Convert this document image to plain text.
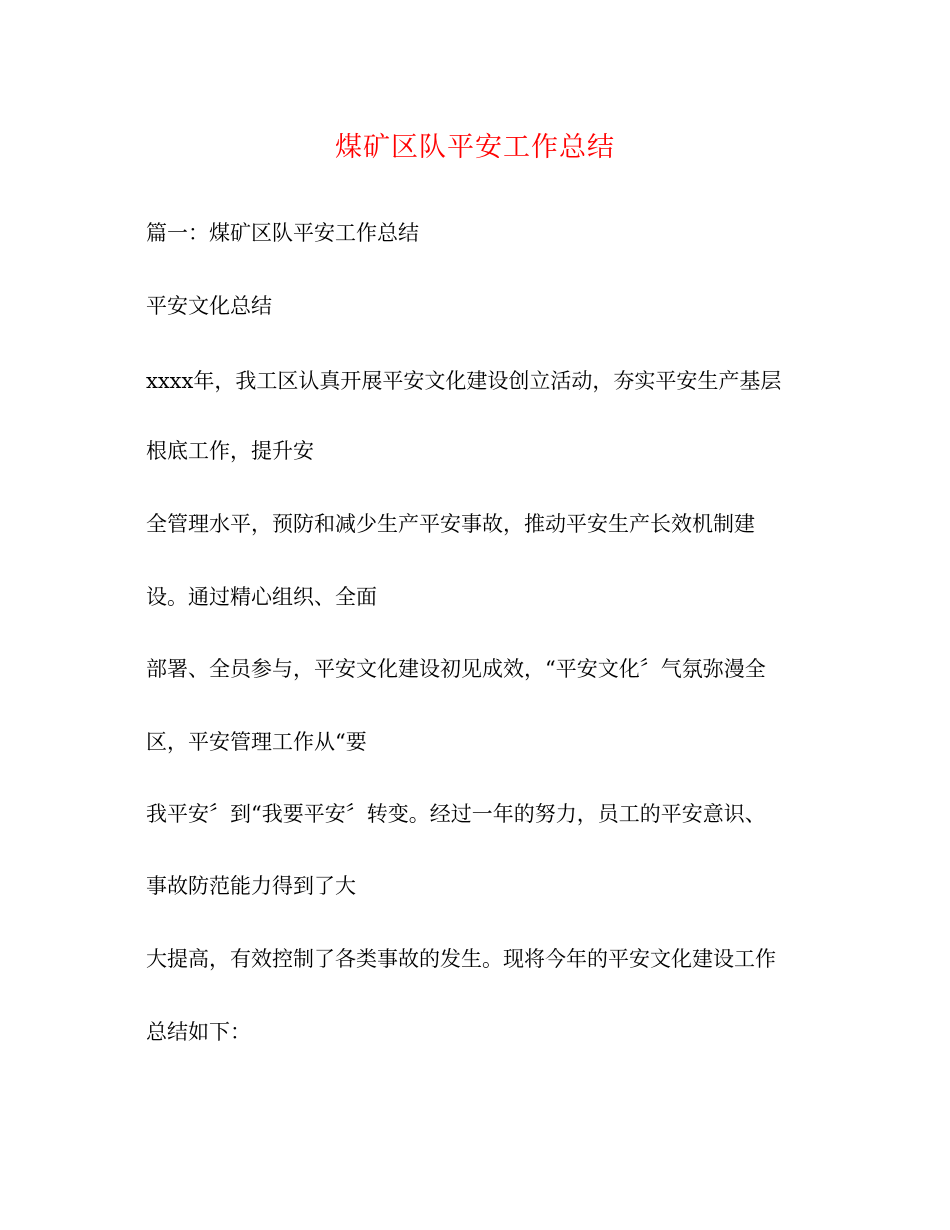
煤矿区队平安工作总结
篇一：煤矿区队平安工作总结
平安文化总结
xxxx年，我工区认真开展平安文化建设创立活动，夯实平安生产基层
根底工作，提升安
全管理水平，预防和减少生产平安事故，推动平安生产长效机制建
设。通过精心组织、全面
部署、全员参与，平安文化建设初见成效，“平安文化〞气氛弥漫全
区，平安管理工作从“要
我平安〞到“我要平安〞转变。经过一年的努力，员工的平安意识、
事故防范能力得到了大
大提高，有效控制了各类事故的发生。现将今年的平安文化建设工作
总结如下：
